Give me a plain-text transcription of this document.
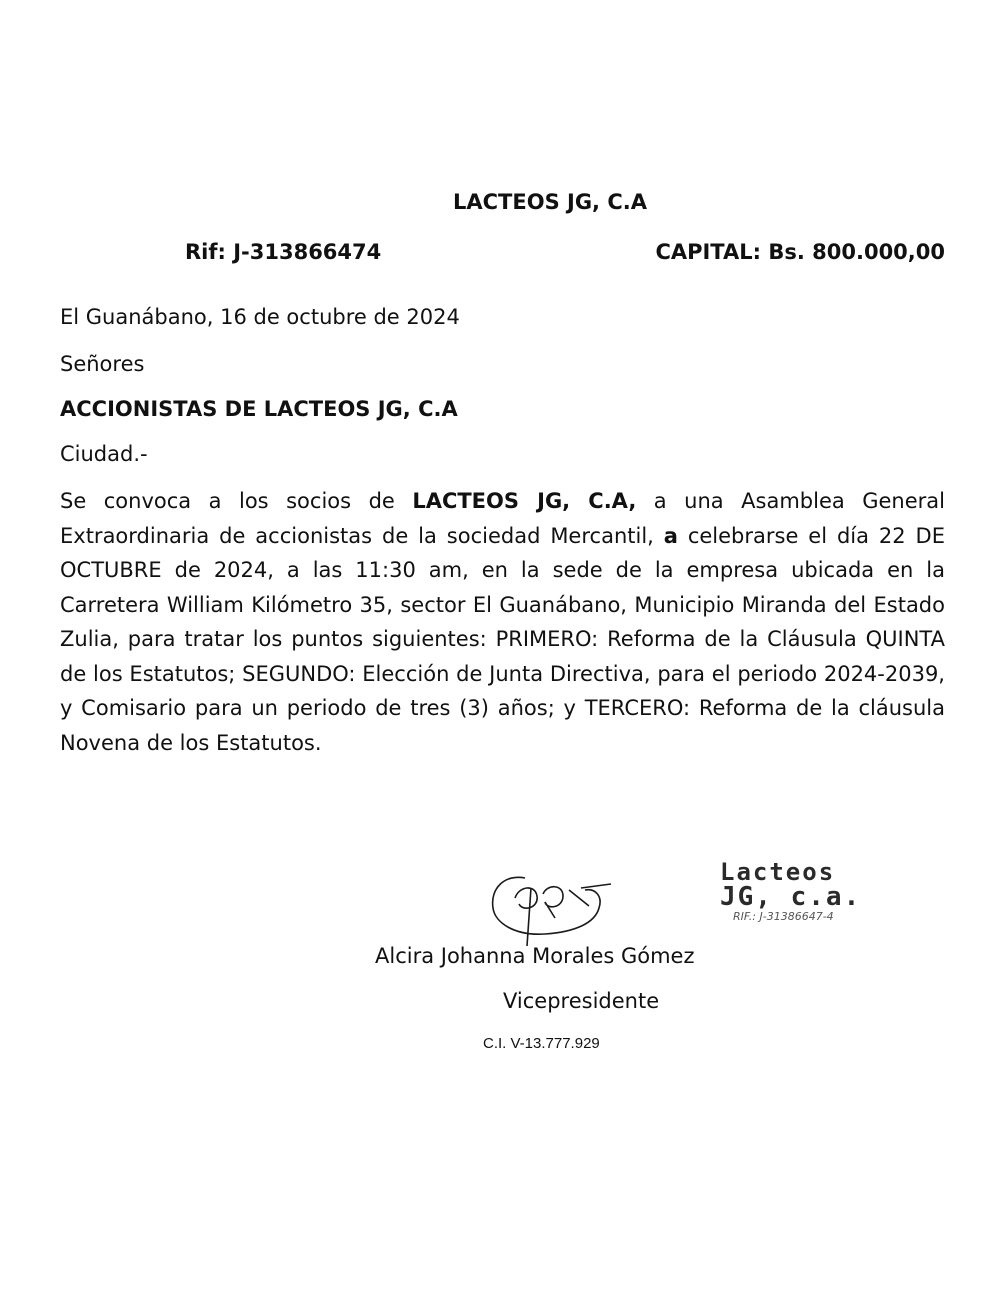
LACTEOS JG, C.A
Rif: J-313866474	CAPITAL: Bs. 800.000,00
El Guanábano, 16 de octubre de 2024
Señores
ACCIONISTAS DE LACTEOS JG, C.A
Ciudad.-

Se convoca a los socios de LACTEOS JG, C.A, a una Asamblea General Extraordinaria de accionistas de la sociedad Mercantil, a celebrarse el día 22 DE OCTUBRE de 2024, a las 11:30 am, en la sede de la empresa ubicada en la Carretera William Kilómetro 35, sector El Guanábano, Municipio Miranda del Estado Zulia, para tratar los puntos siguientes: PRIMERO: Reforma de la Cláusula QUINTA de los Estatutos; SEGUNDO: Elección de Junta Directiva, para el periodo 2024-2039, y Comisario para un periodo de tres (3) años; y TERCERO: Reforma de la cláusula Novena de los Estatutos.

Lacteos
JG, c.a.
RIF.: J-31386647-4
Alcira Johanna Morales Gómez
Vicepresidente
C.I. V-13.777.929
